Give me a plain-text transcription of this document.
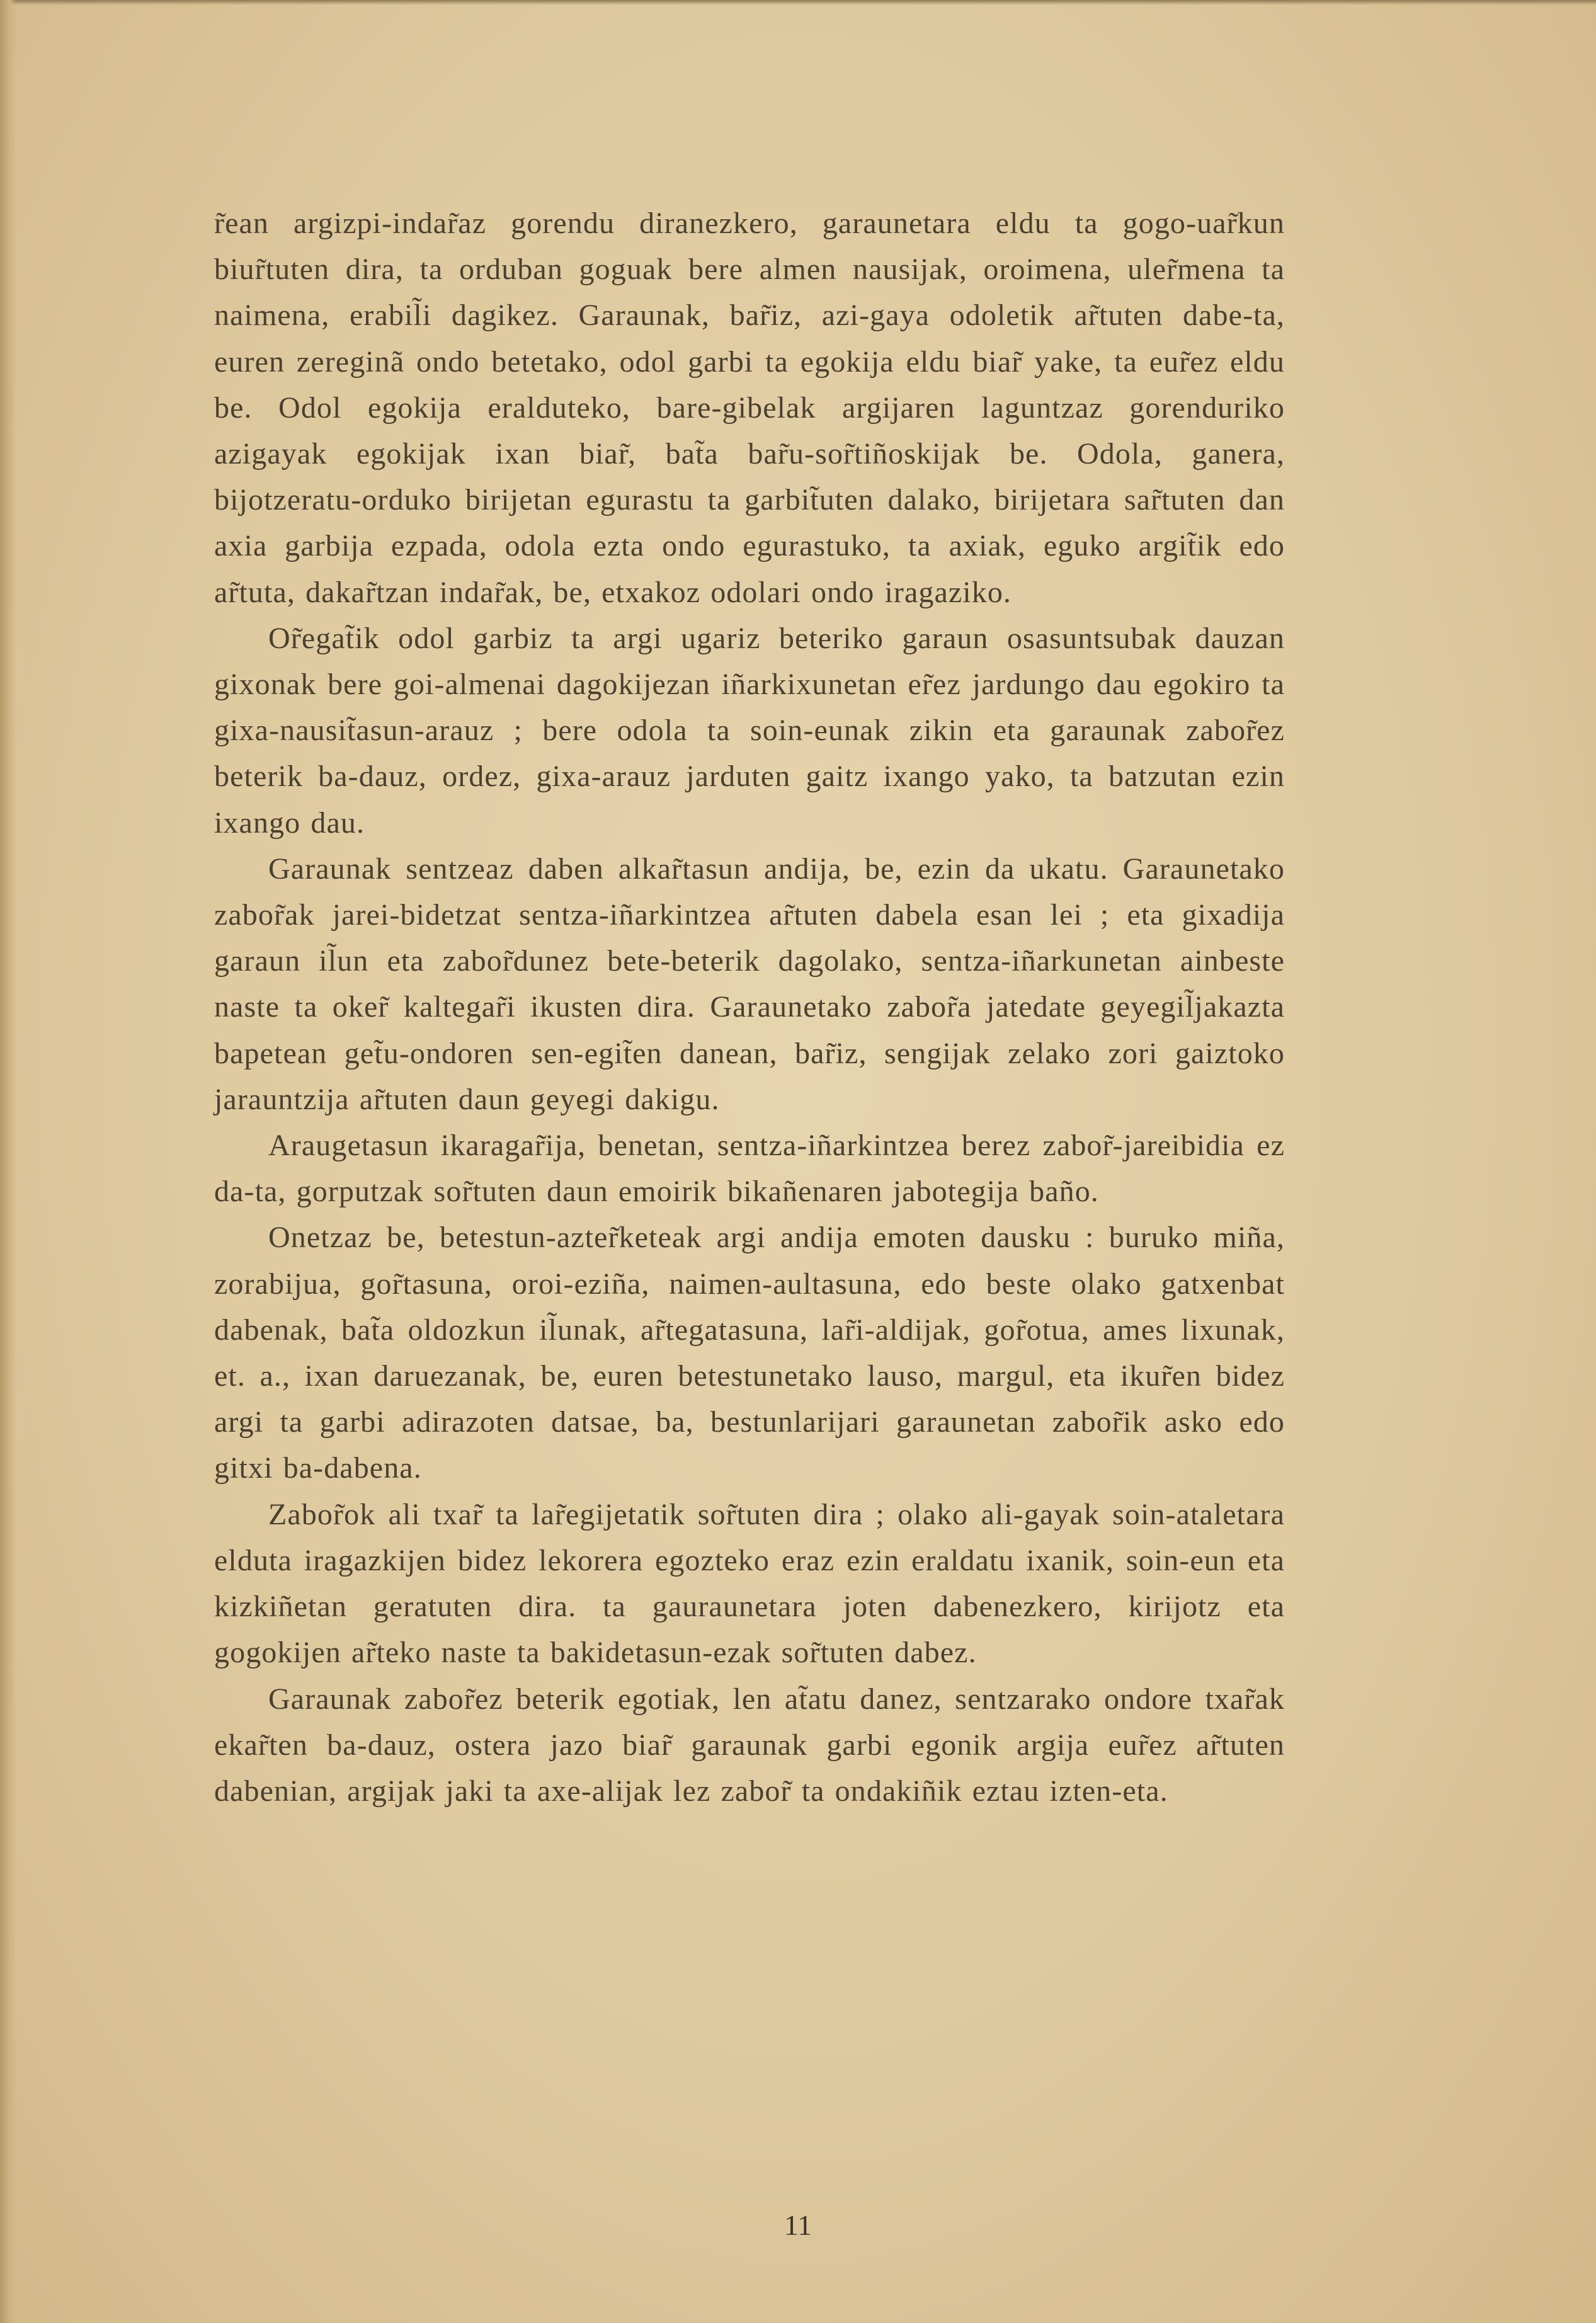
r̃ean argizpi-indar̃az gorendu diranezkero, garaunetara eldu ta gogo-uar̃kun biur̃tuten dira, ta orduban goguak bere almen nausijak, oroimena, uler̃mena ta naimena, erabil̃i dagikez. Garaunak, bar̃iz, azi-gaya odoletik ar̃tuten dabe-ta, euren zereginã ondo betetako, odol garbi ta egokija eldu biar̃ yake, ta eur̃ez eldu be. Odol egokija eralduteko, bare-gibelak argijaren laguntzaz gorenduriko azigayak egokijak ixan biar̃, bat̃a bar̃u-sor̃tiñoskijak be. Odola, ganera, bijotzeratu-orduko birijetan egurastu ta garbit̃uten dalako, birijetara sar̃tuten dan axia garbija ezpada, odola ezta ondo egurastuko, ta axiak, eguko argit̃ik edo ar̃tuta, dakar̃tzan indar̃ak, be, etxakoz odolari ondo iragaziko.

Or̃egat̃ik odol garbiz ta argi ugariz beteriko garaun osasuntsubak dauzan gixonak bere goi-almenai dagokijezan iñarkixunetan er̃ez jardungo dau egokiro ta gixa-nausit̃asun-arauz ; bere odola ta soin-eunak zikin eta garaunak zabor̃ez beterik ba-dauz, ordez, gixa-arauz jarduten gaitz ixango yako, ta batzutan ezin ixango dau.

Garaunak sentzeaz daben alkar̃tasun andija, be, ezin da ukatu. Garaunetako zabor̃ak jarei-bidetzat sentza-iñarkintzea ar̃tuten dabela esan lei ; eta gixadija garaun il̃un eta zabor̃dunez bete-beterik dagolako, sentza-iñarkunetan ainbeste naste ta oker̃ kaltegar̃i ikusten dira. Garaunetako zabor̃a jatedate geyegil̃jakazta bapetean get̃u-ondoren sen-egit̃en danean, bar̃iz, sengijak zelako zori gaiztoko jarauntzija ar̃tuten daun geyegi dakigu.

Araugetasun ikaragar̃ija, benetan, sentza-iñarkintzea berez zabor̃-jareibidia ez da-ta, gorputzak sor̃tuten daun emoirik bikañenaren jabotegija baño.

Onetzaz be, betestun-azter̃keteak argi andija emoten dausku : buruko miña, zorabijua, gor̃tasuna, oroi-eziña, naimen-aultasuna, edo beste olako gatxenbat dabenak, bat̃a oldozkun il̃unak, ar̃tegatasuna, lar̃i-aldijak, gor̃otua, ames lixunak, et. a., ixan daruezanak, be, euren betestunetako lauso, margul, eta ikur̃en bidez argi ta garbi adirazoten datsae, ba, bestunlarijari garaunetan zabor̃ik asko edo gitxi ba-dabena.

Zabor̃ok ali txar̃ ta lar̃egijetatik sor̃tuten dira ; olako ali-gayak soin-ataletara elduta iragazkijen bidez lekorera egozteko eraz ezin eraldatu ixanik, soin-eun eta kizkiñetan geratuten dira. ta gauraunetara joten dabenezkero, kirijotz eta gogokijen ar̃teko naste ta bakidetasun-ezak sor̃tuten dabez.

Garaunak zabor̃ez beterik egotiak, len at̃atu danez, sentzarako ondore txar̃ak ekar̃ten ba-dauz, ostera jazo biar̃ garaunak garbi egonik argija eur̃ez ar̃tuten dabenian, argijak jaki ta axe-alijak lez zabor̃ ta ondakiñik eztau izten-eta.

11
